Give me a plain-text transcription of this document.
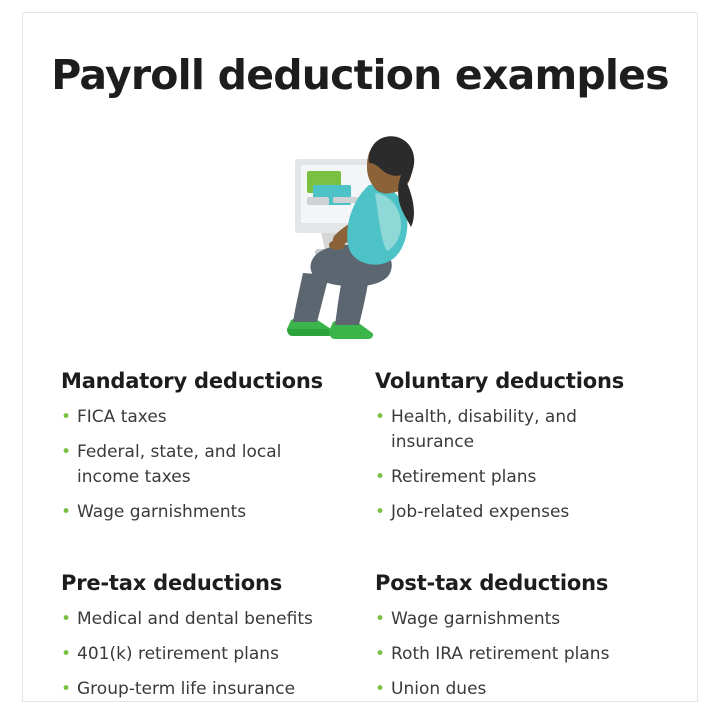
Payroll deduction examples
Mandatory deductions
• FICA taxes
• Federal, state, and local income taxes
• Wage garnishments
Voluntary deductions
• Health, disability, and insurance
• Retirement plans
• Job-related expenses
Pre-tax deductions
• Medical and dental benefits
• 401(k) retirement plans
• Group-term life insurance
Post-tax deductions
• Wage garnishments
• Roth IRA retirement plans
• Union dues
